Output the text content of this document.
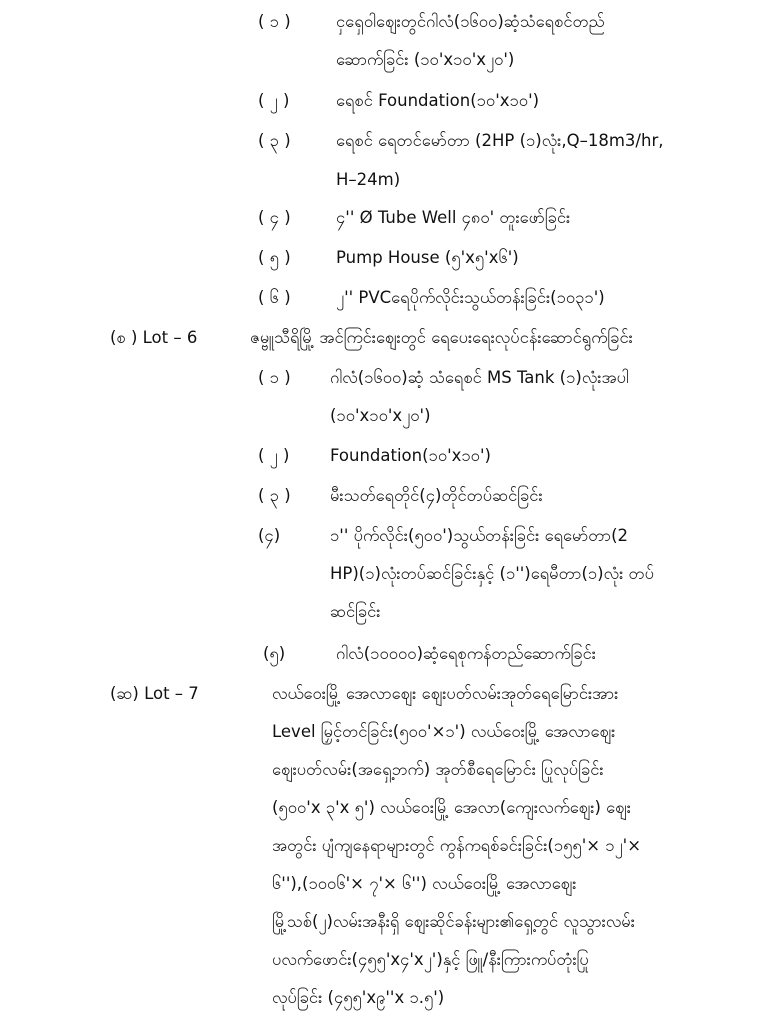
( ၁ )	ငှ​ရှေ​ဝါ​ဈေး​တွင်​ဂါလံ(၁၆၀၀)ဆံ့​သံ​ရေ​စင်​တည်
ဆောက်​ခြင်း (၁၀'x၁၀'x၂၀')
( ၂ )	ရေ​စင် Foundation(၁၀'x၁၀')
( ၃ )	ရေ​စင် ​ရေ​တင်​မော်​တာ (2HP (၁)လုံး,Q–18m3/hr,
H–24m)
( ၄ )	၄'' Ø Tube Well ၄၈၀' တူး​ဖော်​ခြင်း
( ၅ )	Pump House (၅'x၅'x၆')
( ၆ )	၂'' PVC​ရေ​ပိုက်​လိုင်း​သွယ်​တန်း​ခြင်း(၁၀၃၁')
(စ ) Lot – 6	ဇမ္ဗူ​သီရိ​မြို့ အင်​ကြင်း​ဈေး​တွင် ​ရေ​ပေး​ရေး​လုပ်​ငန်း​ဆောင်​ရွက်​ခြင်း
( ၁ ) ဂါလံ(၁၆၀၀)ဆံ့ သံ​ရေ​စင် MS Tank (၁)လုံး​အပါ
(၁၀'x၁၀'x၂၀')
( ၂ ) Foundation(၁၀'x၁၀')
( ၃ ) မီး​သတ်​ရေ​တိုင်(၄)တိုင်​တပ်​ဆင်​ခြင်း
(၄)	၁'' ပိုက်​လိုင်း(၅၀၀')သွယ်​တန်း​ခြင်း ​ရေ​မော်​တာ(2
HP)(၁)လုံး​တပ်​ဆင်​ခြင်း​နှင့် (၁'')​ရေ​မီ​တာ(၁)လုံး တပ်
ဆင်​ခြင်း
(၅)	ဂါလံ(၁၀၀၀၀)ဆံ့​ရေ​စု​ကန်​တည်​ဆောက်​ခြင်း
(ဆ) Lot – 7	လယ်​ဝေး​မြို့ အေ​လာ​ဈေး ဈေး​ပတ်​လမ်း​အုတ်​ရေ​မြောင်း​အား
Level မြှင့်​တင်​ခြင်း(၅၀၀'×၁') လယ်​ဝေး​မြို့ အေ​လာ​ဈေး
ဈေး​ပတ်​လမ်း(အ​ရှေ့​ဘက်) အုတ်​စီ​ရေ​မြောင်း ပြု​လုပ်​ခြင်း
(၅၀၀'x ၃'x ၅') လယ်​ဝေး​မြို့ အေ​လာ(ကျေး​လက်​ဈေး) ဈေး
အ​တွင်း ပျံ​ကျ​နေ​ရာ​များ​တွင် ကွန်​ကရစ်​ခင်း​ခြင်း(၁၅၅'× ၁၂'×
၆''),(၁၀၀၆'× ၇'× ၆'') လယ်​ဝေး​မြို့ အေ​လာ​ဈေး
မြို့​သစ်(၂)လမ်း​အ​နီး​ရှိ ဈေး​ဆိုင်​ခန်း​များ​၏​ရှေ့​တွင် လူ​သွား​လမ်း
ပ​လက်​ဖောင်း(၄၅၅'x၄'x၂')နှင့် ဖြူ/နီး​ကြား​ကပ်​တုံး​ပြု
လုပ်​ခြင်း (၄၅၅'x၉''x ၁.၅')
